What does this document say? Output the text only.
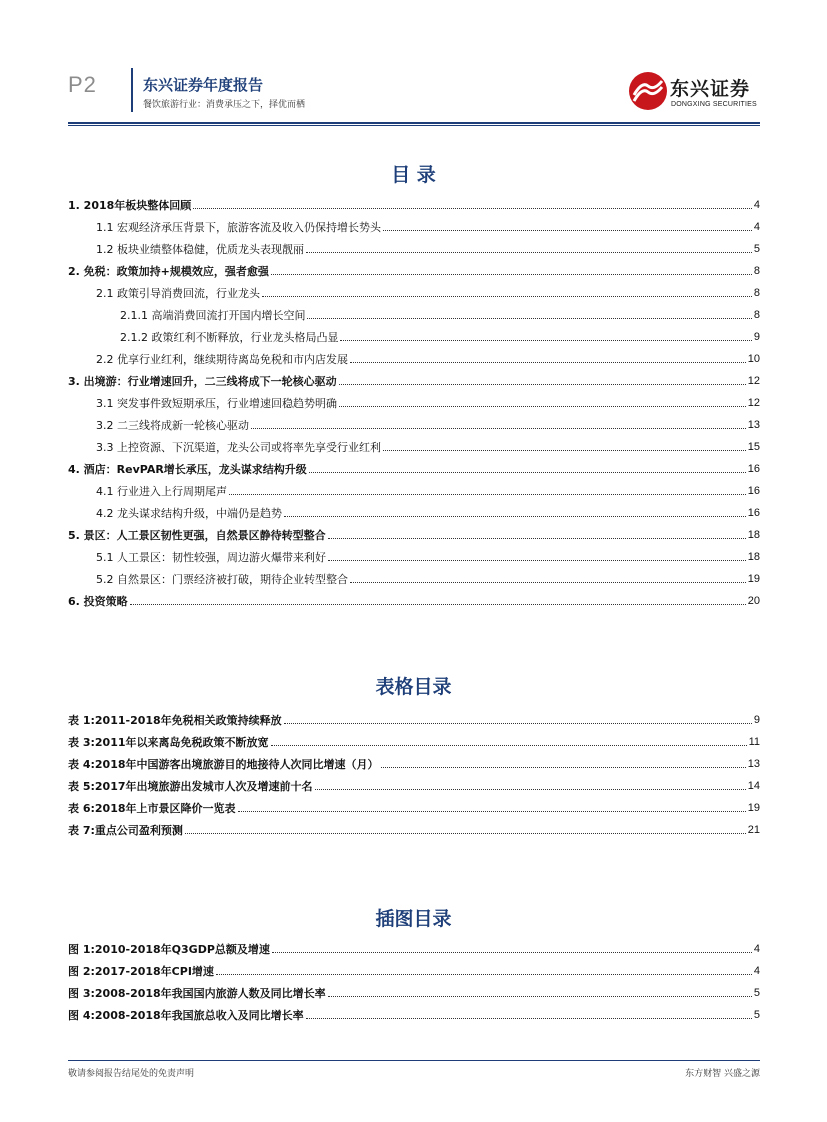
P2	东兴证券年度报告
餐饮旅游行业：消费承压之下，择优而栖
东兴证券
DONGXING SECURITIES
目 录
1. 2018年板块整体回顾	4
1.1 宏观经济承压背景下，旅游客流及收入仍保持增长势头	4
1.2 板块业绩整体稳健，优质龙头表现靓丽	5
2. 免税：政策加持+规模效应，强者愈强	8
2.1 政策引导消费回流，行业龙头	8
2.1.1 高端消费回流打开国内增长空间	8
2.1.2 政策红利不断释放，行业龙头格局凸显	9
2.2 优享行业红利，继续期待离岛免税和市内店发展	10
3. 出境游：行业增速回升，二三线将成下一轮核心驱动	12
3.1 突发事件致短期承压，行业增速回稳趋势明确	12
3.2 二三线将成新一轮核心驱动	13
3.3 上控资源、下沉渠道，龙头公司或将率先享受行业红利	15
4. 酒店：RevPAR增长承压，龙头谋求结构升级	16
4.1 行业进入上行周期尾声	16
4.2 龙头谋求结构升级，中端仍是趋势	16
5. 景区：人工景区韧性更强，自然景区静待转型整合	18
5.1 人工景区：韧性较强，周边游火爆带来利好	18
5.2 自然景区：门票经济被打破，期待企业转型整合	19
6. 投资策略	20
表格目录
表 1:2011-2018年免税相关政策持续释放	9
表 3:2011年以来离岛免税政策不断放宽	11
表 4:2018年中国游客出境旅游目的地接待人次同比增速（月）	13
表 5:2017年出境旅游出发城市人次及增速前十名	14
表 6:2018年上市景区降价一览表	19
表 7:重点公司盈利预测	21
插图目录
图 1:2010-2018年Q3GDP总额及增速	4
图 2:2017-2018年CPI增速	4
图 3:2008-2018年我国国内旅游人数及同比增长率	5
图 4:2008-2018年我国旅总收入及同比增长率	5
敬请参阅报告结尾处的免责声明	东方财智 兴盛之源
